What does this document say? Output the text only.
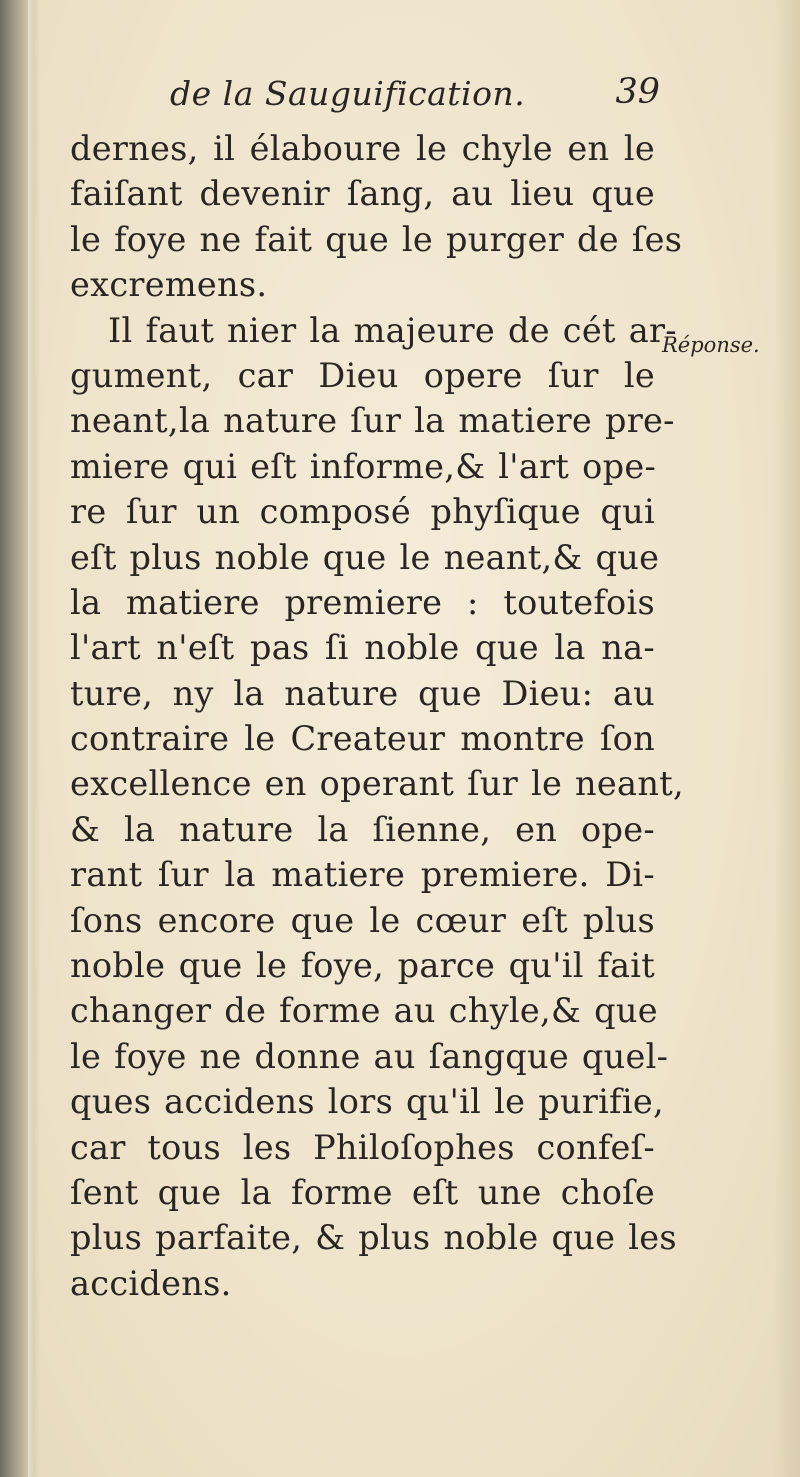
de la Sauguification.	39
Réponse.
dernes, il élaboure le chyle en le
faiſant devenir ſang, au lieu que
le foye ne fait que le purger de ſes
excremens.
Il faut nier la majeure de cét ar-
gument, car Dieu opere ſur le
neant,la nature ſur la matiere pre-
miere qui eſt informe,& l'art ope-
re ſur un composé phyſique qui
eſt plus noble que le neant,& que
la matiere premiere : toutefois
l'art n'eſt pas ſi noble que la na-
ture, ny la nature que Dieu: au
contraire le Createur montre ſon
excellence en operant ſur le neant,
& la nature la ſienne, en ope-
rant ſur la matiere premiere. Di-
ſons encore que le cœur eſt plus
noble que le foye, parce qu'il fait
changer de forme au chyle,& que
le foye ne donne au ſangque quel-
ques accidens lors qu'il le purifie,
car tous les Philoſophes confeſ-
ſent que la forme eſt une choſe
plus parfaite, & plus noble que les
accidens.
